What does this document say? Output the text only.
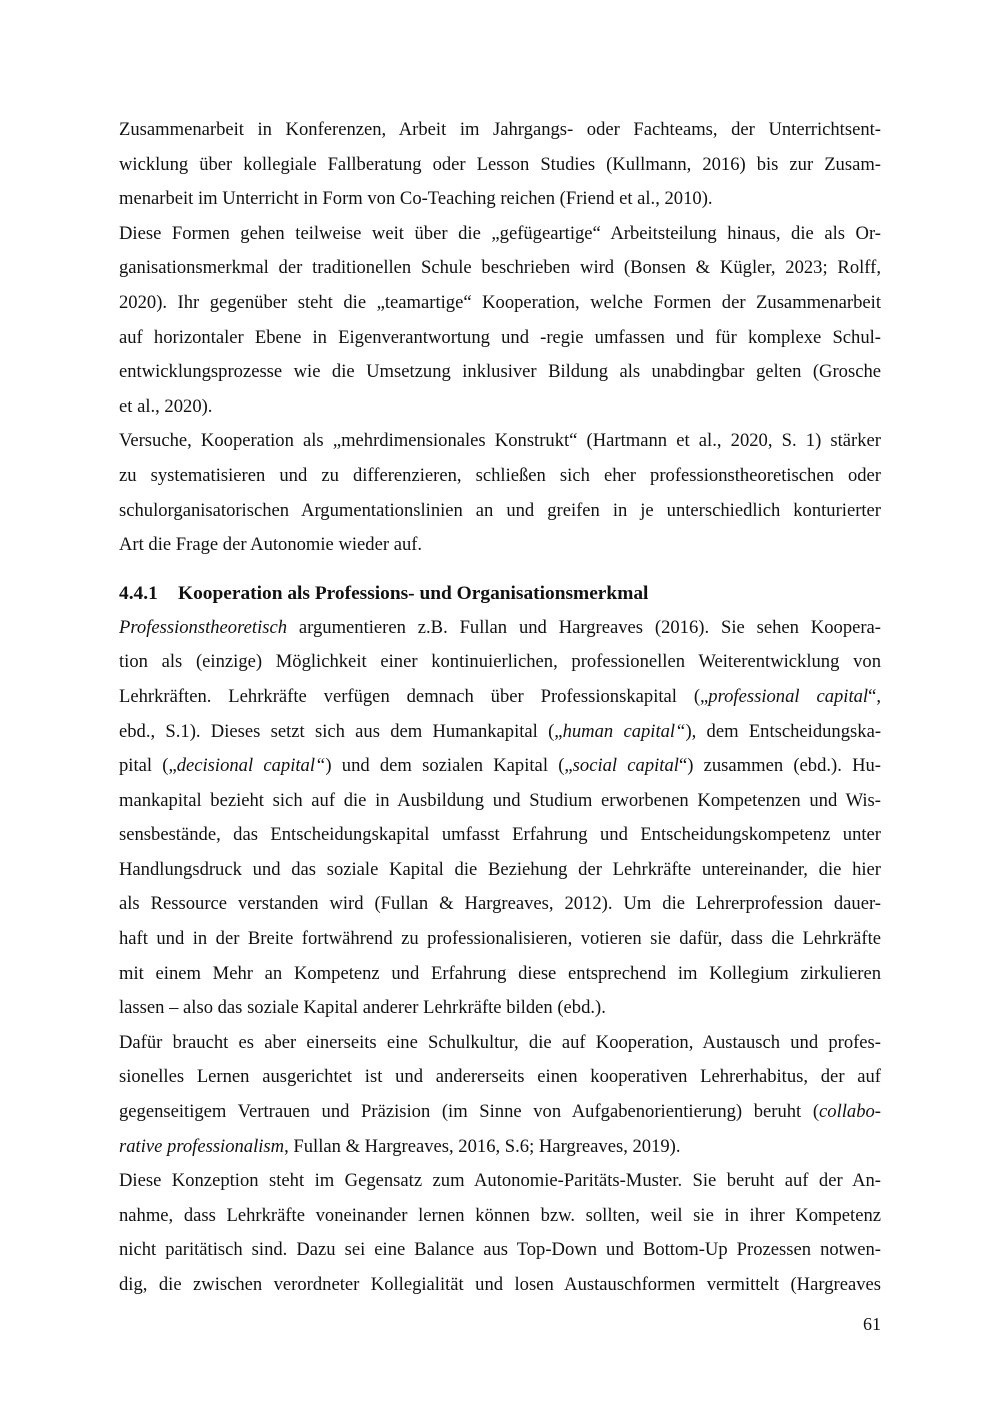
Zusammenarbeit in Konferenzen, Arbeit im Jahrgangs- oder Fachteams, der Unterrichtsent-
wicklung über kollegiale Fallberatung oder Lesson Studies (Kullmann, 2016) bis zur Zusam-
menarbeit im Unterricht in Form von Co-Teaching reichen (Friend et al., 2010).
Diese Formen gehen teilweise weit über die „gefügeartige“ Arbeitsteilung hinaus, die als Or-
ganisationsmerkmal der traditionellen Schule beschrieben wird (Bonsen & Kügler, 2023; Rolff,
2020). Ihr gegenüber steht die „teamartige“ Kooperation, welche Formen der Zusammenarbeit
auf horizontaler Ebene in Eigenverantwortung und -regie umfassen und für komplexe Schul-
entwicklungsprozesse wie die Umsetzung inklusiver Bildung als unabdingbar gelten (Grosche
et al., 2020).
Versuche, Kooperation als „mehrdimensionales Konstrukt“ (Hartmann et al., 2020, S. 1) stärker
zu systematisieren und zu differenzieren, schließen sich eher professionstheoretischen oder
schulorganisatorischen Argumentationslinien an und greifen in je unterschiedlich konturierter
Art die Frage der Autonomie wieder auf.
4.4.1 Kooperation als Professions- und Organisationsmerkmal
Professionstheoretisch argumentieren z.B. Fullan und Hargreaves (2016). Sie sehen Koopera-
tion als (einzige) Möglichkeit einer kontinuierlichen, professionellen Weiterentwicklung von
Lehrkräften. Lehrkräfte verfügen demnach über Professionskapital („professional capital“,
ebd., S.1). Dieses setzt sich aus dem Humankapital („human capital“), dem Entscheidungska-
pital („decisional capital“) und dem sozialen Kapital („social capital“) zusammen (ebd.). Hu-
mankapital bezieht sich auf die in Ausbildung und Studium erworbenen Kompetenzen und Wis-
sensbestände, das Entscheidungskapital umfasst Erfahrung und Entscheidungskompetenz unter
Handlungsdruck und das soziale Kapital die Beziehung der Lehrkräfte untereinander, die hier
als Ressource verstanden wird (Fullan & Hargreaves, 2012). Um die Lehrerprofession dauer-
haft und in der Breite fortwährend zu professionalisieren, votieren sie dafür, dass die Lehrkräfte
mit einem Mehr an Kompetenz und Erfahrung diese entsprechend im Kollegium zirkulieren
lassen – also das soziale Kapital anderer Lehrkräfte bilden (ebd.).
Dafür braucht es aber einerseits eine Schulkultur, die auf Kooperation, Austausch und profes-
sionelles Lernen ausgerichtet ist und andererseits einen kooperativen Lehrerhabitus, der auf
gegenseitigem Vertrauen und Präzision (im Sinne von Aufgabenorientierung) beruht (collabo-
rative professionalism, Fullan & Hargreaves, 2016, S.6; Hargreaves, 2019).
Diese Konzeption steht im Gegensatz zum Autonomie-Paritäts-Muster. Sie beruht auf der An-
nahme, dass Lehrkräfte voneinander lernen können bzw. sollten, weil sie in ihrer Kompetenz
nicht paritätisch sind. Dazu sei eine Balance aus Top-Down und Bottom-Up Prozessen notwen-
dig, die zwischen verordneter Kollegialität und losen Austauschformen vermittelt (Hargreaves
61
